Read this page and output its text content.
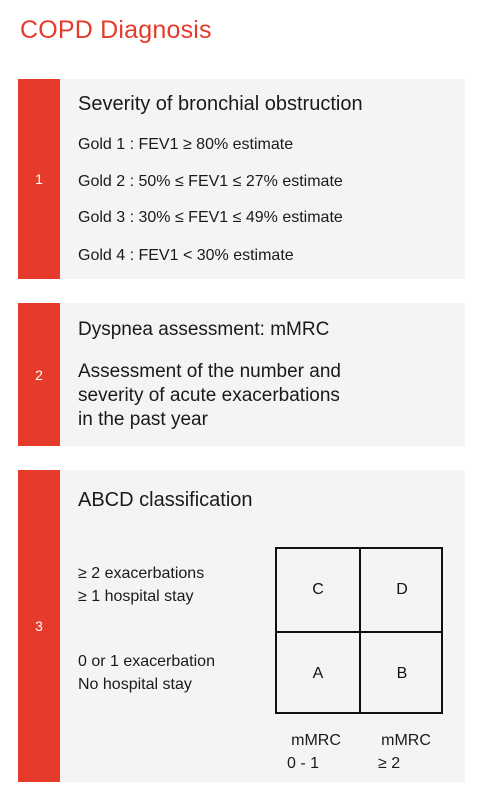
COPD Diagnosis
1
Severity of bronchial obstruction
Gold 1 : FEV1 ≥ 80% estimate
Gold 2 : 50% ≤ FEV1 ≤ 27% estimate
Gold 3 : 30% ≤ FEV1 ≤ 49% estimate
Gold 4 : FEV1 < 30% estimate
2
Dyspnea assessment: mMRC
Assessment of the number and
severity of acute exacerbations
in the past year
3
ABCD classification
≥ 2 exacerbations
≥ 1 hospital stay
0 or 1 exacerbation
No hospital stay
C	D
A	B
mMRC
0 - 1
mMRC
≥ 2
